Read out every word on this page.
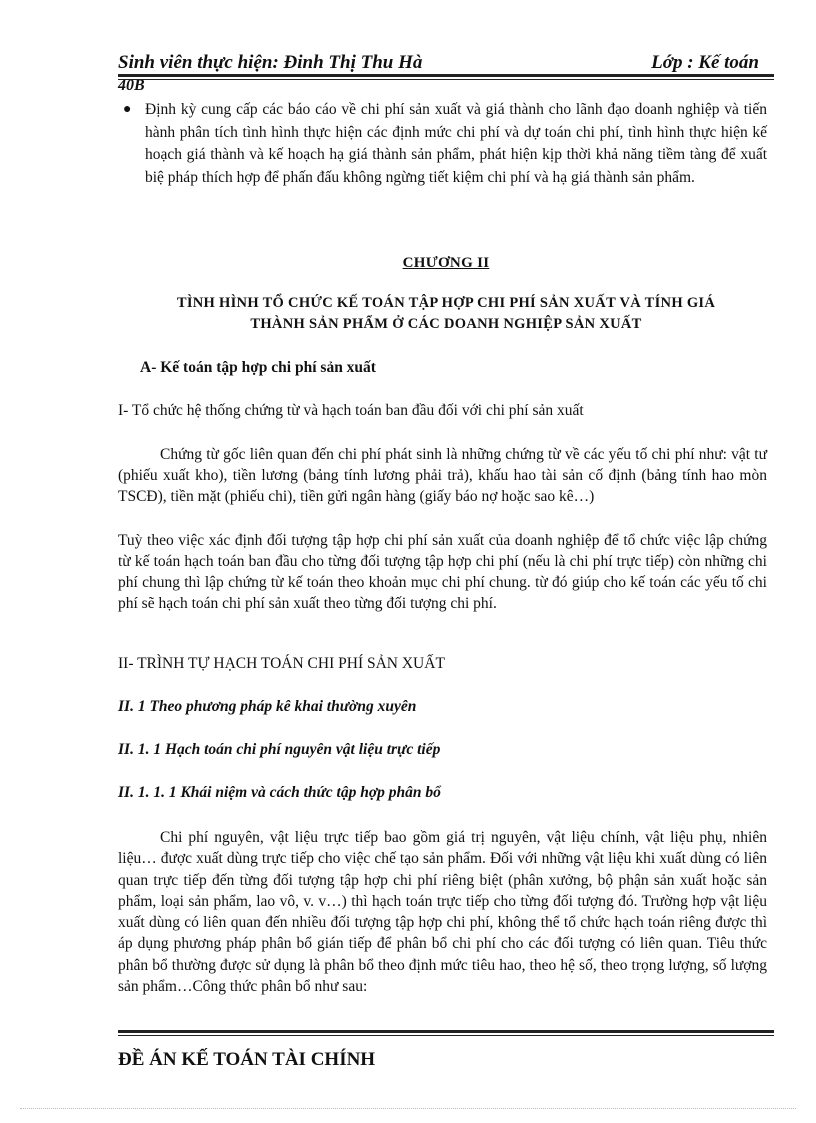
Sinh viên thực hiện: Đinh Thị Thu Hà	Lớp : Kế toán
40B
● Định kỳ cung cấp các báo cáo về chi phí sản xuất và giá thành cho lãnh đạo doanh nghiệp và tiến hành phân tích tình hình thực hiện các định mức chi phí và dự toán chi phí, tình hình thực hiện kế hoạch giá thành và kế hoạch hạ giá thành sản phẩm, phát hiện kịp thời khả năng tiềm tàng để xuất biệ pháp thích hợp để phấn đấu không ngừng tiết kiệm chi phí và hạ giá thành sản phẩm.
CHƯƠNG II
TÌNH HÌNH TỔ CHỨC KẾ TOÁN TẬP HỢP CHI PHÍ SẢN XUẤT VÀ TÍNH GIÁ
THÀNH SẢN PHẨM Ở CÁC DOANH NGHIỆP SẢN XUẤT
A- Kế toán tập hợp chi phí sản xuất
I- Tổ chức hệ thống chứng từ và hạch toán ban đầu đối với chi phí sản xuất
Chứng từ gốc liên quan đến chi phí phát sinh là những chứng từ về các yếu tố chi phí như: vật tư (phiếu xuất kho), tiền lương (bảng tính lương phải trả), khấu hao tài sản cố định (bảng tính hao mòn TSCĐ), tiền mặt (phiếu chi), tiền gửi ngân hàng (giấy báo nợ hoặc sao kê…)
Tuỳ theo việc xác định đối tượng tập hợp chi phí sản xuất của doanh nghiệp để tổ chức việc lập chứng từ kế toán hạch toán ban đầu cho từng đối tượng tập hợp chi phí (nếu là chi phí trực tiếp) còn những chi phí chung thì lập chứng từ kế toán theo khoản mục chi phí chung. từ đó giúp cho kế toán các yếu tố chi phí sẽ hạch toán chi phí sản xuất theo từng đối tượng chi phí.
II- TRÌNH TỰ HẠCH TOÁN CHI PHÍ SẢN XUẤT
II. 1 Theo phương pháp kê khai thường xuyên
II. 1. 1 Hạch toán chi phí nguyên vật liệu trực tiếp
II. 1. 1. 1 Khái niệm và cách thức tập hợp phân bổ
Chi phí nguyên, vật liệu trực tiếp bao gồm giá trị nguyên, vật liệu chính, vật liệu phụ, nhiên liệu… được xuất dùng trực tiếp cho việc chế tạo sản phẩm. Đối với những vật liệu khi xuất dùng có liên quan trực tiếp đến từng đối tượng tập hợp chi phí riêng biệt (phân xưởng, bộ phận sản xuất hoặc sản phẩm, loại sản phẩm, lao vô, v. v…) thì hạch toán trực tiếp cho từng đối tượng đó. Trường hợp vật liệu xuất dùng có liên quan đến nhiều đối tượng tập hợp chi phí, không thể tổ chức hạch toán riêng được thì áp dụng phương pháp phân bổ gián tiếp để phân bổ chi phí cho các đối tượng có liên quan. Tiêu thức phân bổ thường được sử dụng là phân bổ theo định mức tiêu hao, theo hệ số, theo trọng lượng, số lượng sản phẩm…Công thức phân bổ như sau:
ĐỀ ÁN KẾ TOÁN TÀI CHÍNH
